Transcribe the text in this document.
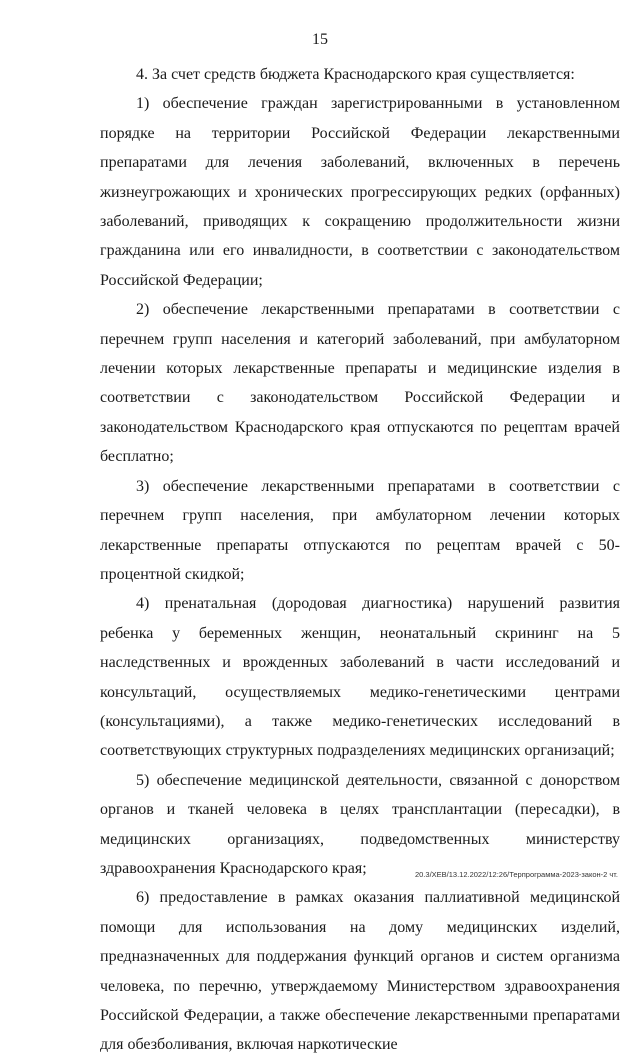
15

4. За счет средств бюджета Краснодарского края существляется:

1) обеспечение граждан зарегистрированными в установленном порядке на территории Российской Федерации лекарственными препаратами для лечения заболеваний, включенных в перечень жизнеугрожающих и хронических прогрессирующих редких (орфанных) заболеваний, приводящих к сокращению продолжительности жизни гражданина или его инвалидности, в соответствии с законодательством Российской Федерации;

2) обеспечение лекарственными препаратами в соответствии с перечнем групп населения и категорий заболеваний, при амбулаторном лечении которых лекарственные препараты и медицинские изделия в соответствии с законодательством Российской Федерации и законодательством Краснодарского края отпускаются по рецептам врачей бесплатно;

3) обеспечение лекарственными препаратами в соответствии с перечнем групп населения, при амбулаторном лечении которых лекарственные препараты отпускаются по рецептам врачей с 50-процентной скидкой;

4) пренатальная (дородовая диагностика) нарушений развития ребенка у беременных женщин, неонатальный скрининг на 5 наследственных и врожденных заболеваний в части исследований и консультаций, осуществляемых медико-генетическими центрами (консультациями), а также медико-генетических исследований в соответствующих структурных подразделениях медицинских организаций;

5) обеспечение медицинской деятельности, связанной с донорством органов и тканей человека в целях трансплантации (пересадки), в медицинских организациях, подведомственных министерству здравоохранения Краснодарского края;

6) предоставление в рамках оказания паллиативной медицинской помощи для использования на дому медицинских изделий, предназначенных для поддержания функций органов и систем организма человека, по перечню, утверждаемому Министерством здравоохранения Российской Федерации, а также обеспечение лекарственными препаратами для обезболивания, включая наркотические

20.3/ХЕВ/13.12.2022/12:26/Терпрограмма-2023-закон-2 чт.
